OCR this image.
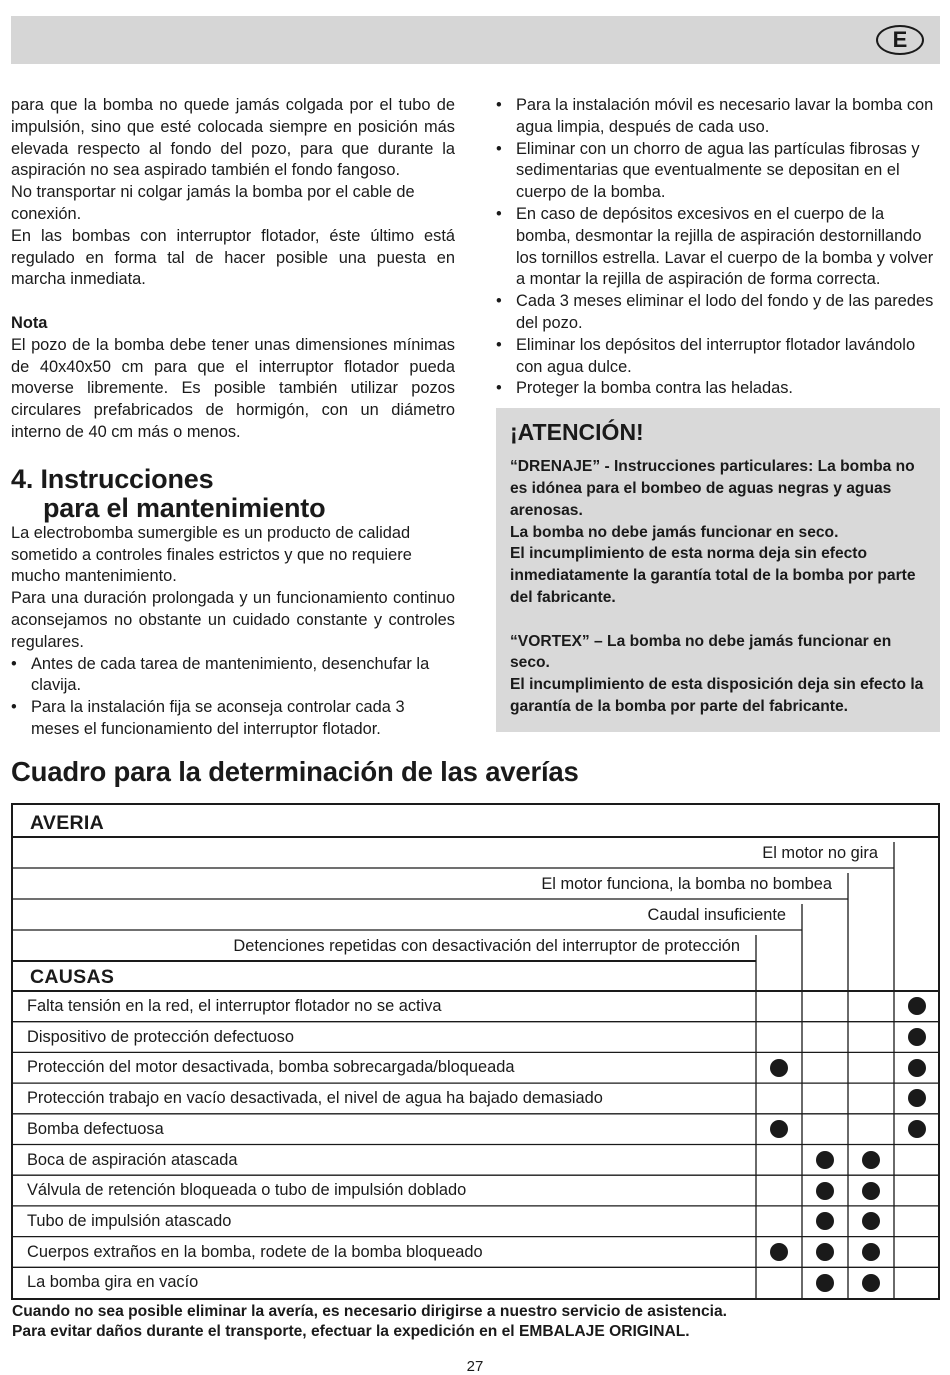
E

para que la bomba no quede jamás colgada por el tubo de impulsión, sino que esté colocada siempre en posición más elevada respecto al fondo del pozo, para que durante la aspiración no sea aspirado también el fondo fangoso.

No transportar ni colgar jamás la bomba por el cable de conexión.

En las bombas con interruptor flotador, éste último está regulado en forma tal de hacer posible una puesta en marcha inmediata.

Nota

El pozo de la bomba debe tener unas dimensiones mínimas de 40x40x50 cm para que el interruptor flotador pueda moverse libremente. Es posible también utilizar pozos circulares prefabricados de hormigón, con un diámetro interno de 40 cm más o menos.

4. Instrucciones
para el mantenimiento

La electrobomba sumergible es un producto de calidad sometido a controles finales estrictos y que no requiere mucho mantenimiento.

Para una duración prolongada y un funcionamiento continuo aconsejamos no obstante un cuidado constante y controles regulares.

• Antes de cada tarea de mantenimiento, desenchufar la clavija.
• Para la instalación fija se aconseja controlar cada 3 meses el funcionamiento del interruptor flotador.
• Para la instalación móvil es necesario lavar la bomba con agua limpia, después de cada uso.
• Eliminar con un chorro de agua las partículas fibrosas y sedimentarias que eventualmente se depositan en el cuerpo de la bomba.
• En caso de depósitos excesivos en el cuerpo de la bomba, desmontar la rejilla de aspiración destornillando los tornillos estrella. Lavar el cuerpo de la bomba y volver a montar la rejilla de aspiración de forma correcta.
• Cada 3 meses eliminar el lodo del fondo y de las paredes del pozo.
• Eliminar los depósitos del interruptor flotador lavándolo con agua dulce.
• Proteger la bomba contra las heladas.
¡ATENCIÓN!

“DRENAJE” - Instrucciones particulares: La bomba no es idónea para el bombeo de aguas negras y aguas arenosas.

La bomba no debe jamás funcionar en seco.

El incumplimiento de esta norma deja sin efecto inmediatamente la garantía total de la bomba por parte del fabricante.

“VORTEX” – La bomba no debe jamás funcionar en seco.

El incumplimiento de esta disposición deja sin efecto la garantía de la bomba por parte del fabricante.

Cuadro para la determinación de las averías
AVERIA
CAUSAS
El motor no gira
El motor funciona, la bomba no bombea
Caudal insuficiente
Detenciones repetidas con desactivación del interruptor de protección
Falta tensión en la red, el interruptor flotador no se activa
Dispositivo de protección defectuoso
Protección del motor desactivada, bomba sobrecargada/bloqueada
Protección trabajo en vacío desactivada, el nivel de agua ha bajado demasiado
Bomba defectuosa
Boca de aspiración atascada
Válvula de retención bloqueada o tubo de impulsión doblado
Tubo de impulsión atascado
Cuerpos extraños en la bomba, rodete de la bomba bloqueado
La bomba gira en vacío

Cuando no sea posible eliminar la avería, es necesario dirigirse a nuestro servicio de asistencia.

Para evitar daños durante el transporte, efectuar la expedición en el EMBALAJE ORIGINAL.

27
